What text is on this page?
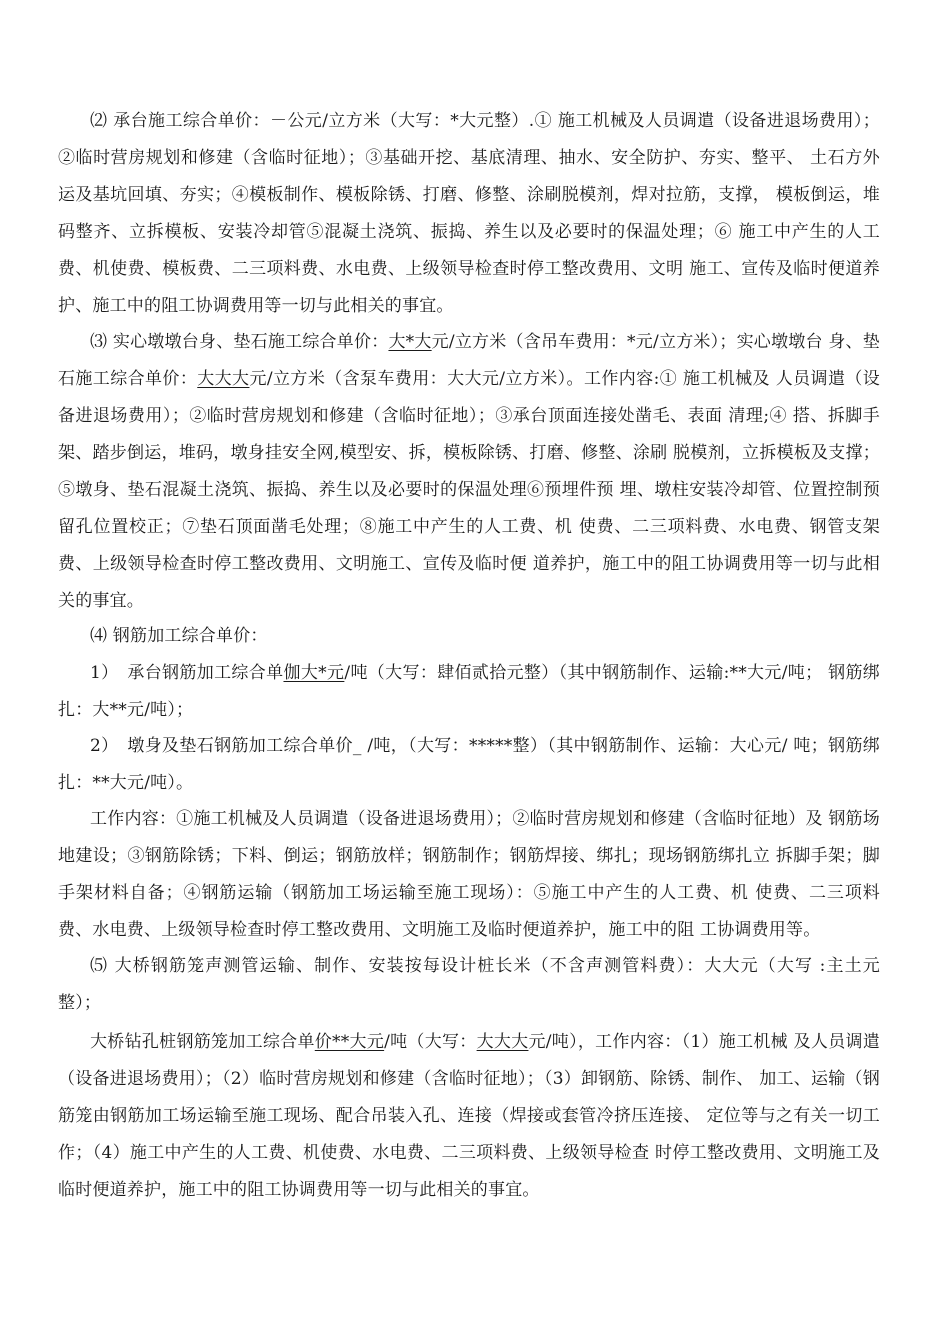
⑵ 承台施工综合单价：－公元/立方米（大写：*大元整）.① 施工机械及人员调遣（设备进退场费用）；②临时营房规划和修建（含临时征地）；③基础开挖、基底清理、抽水、安全防护、夯实、整平、 土石方外运及基坑回填、夯实；④模板制作、模板除锈、打磨、修整、涂刷脱模剂，焊对拉筋，支撑， 模板倒运，堆码整齐、立拆模板、安装冷却管⑤混凝土浇筑、振捣、养生以及必要时的保温处理；⑥ 施工中产生的人工费、机使费、模板费、二三项料费、水电费、上级领导检查时停工整改费用、文明 施工、宣传及临时便道养护、施工中的阻工协调费用等一切与此相关的事宜。

⑶ 实心墩墩台身、垫石施工综合单价：大*大元/立方米（含吊车费用：*元/立方米）；实心墩墩台 身、垫石施工综合单价：大大大元/立方米（含泵车费用：大大元/立方米）。工作内容:① 施工机械及 人员调遣（设备进退场费用）；②临时营房规划和修建（含临时征地）；③承台顶面连接处凿毛、表面 清理;④ 搭、拆脚手架、踏步倒运，堆码，墩身挂安全网,模型安、拆，模板除锈、打磨、修整、涂刷 脱模剂，立拆模板及支撑；⑤墩身、垫石混凝土浇筑、振捣、养生以及必要时的保温处理⑥预埋件预 埋、墩柱安装冷却管、位置控制预留孔位置校正；⑦垫石顶面凿毛处理；⑧施工中产生的人工费、机 使费、二三项料费、水电费、钢管支架费、上级领导检查时停工整改费用、文明施工、宣传及临时便 道养护，施工中的阻工协调费用等一切与此相关的事宜。

⑷ 钢筋加工综合单价：

1）　承台钢筋加工综合单伽大*元/吨（大写：肆佰贰拾元整）（其中钢筋制作、运输:**大元/吨； 钢筋绑扎：大**元/吨）；

2）　墩身及垫石钢筋加工综合单价_ /吨，（大写：*****整）（其中钢筋制作、运输：大心元/ 吨；钢筋绑扎：**大元/吨）。

工作内容：①施工机械及人员调遣（设备进退场费用）；②临时营房规划和修建（含临时征地）及 钢筋场地建设；③钢筋除锈；下料、倒运；钢筋放样；钢筋制作；钢筋焊接、绑扎；现场钢筋绑扎立 拆脚手架；脚手架材料自备；④钢筋运输（钢筋加工场运输至施工现场）：⑤施工中产生的人工费、机 使费、二三项料费、水电费、上级领导检查时停工整改费用、文明施工及临时便道养护，施工中的阻 工协调费用等。

⑸ 大桥钢筋笼声测管运输、制作、安装按每设计桩长米（不含声测管料费）：大大元（大写 :主土元整）；

大桥钻孔桩钢筋笼加工综合单价**大元/吨（大写：大大大元/吨），工作内容：（1）施工机械 及人员调遣（设备进退场费用）；（2）临时营房规划和修建（含临时征地）；（3）卸钢筋、除锈、制作、 加工、运输（钢筋笼由钢筋加工场运输至施工现场、配合吊装入孔、连接（焊接或套管冷挤压连接、 定位等与之有关一切工作；（4）施工中产生的人工费、机使费、水电费、二三项料费、上级领导检查 时停工整改费用、文明施工及临时便道养护，施工中的阻工协调费用等一切与此相关的事宜。
